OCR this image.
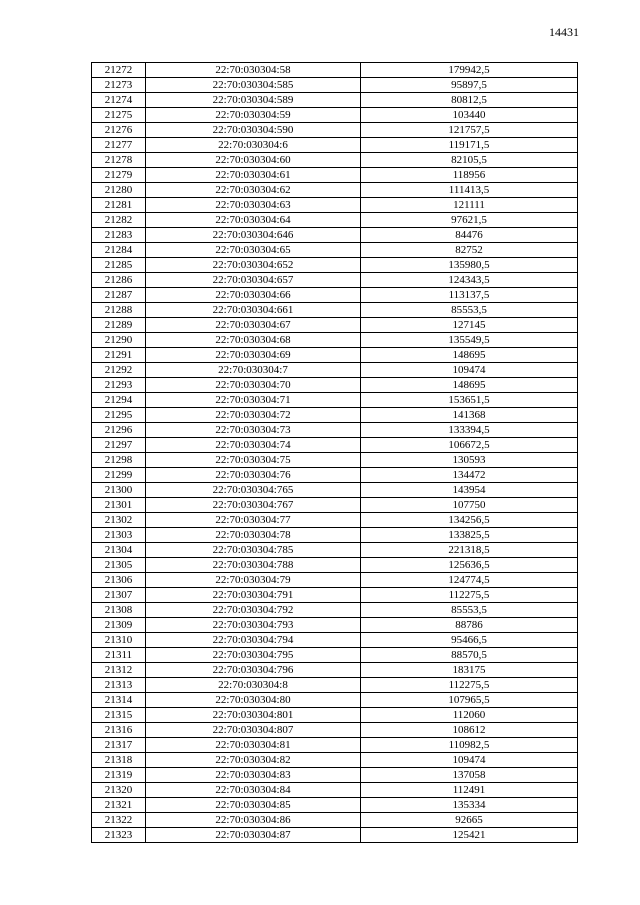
14431
21272	22:70:030304:58	179942,5
21273	22:70:030304:585	95897,5
21274	22:70:030304:589	80812,5
21275	22:70:030304:59	103440
21276	22:70:030304:590	121757,5
21277	22:70:030304:6	119171,5
21278	22:70:030304:60	82105,5
21279	22:70:030304:61	118956
21280	22:70:030304:62	111413,5
21281	22:70:030304:63	121111
21282	22:70:030304:64	97621,5
21283	22:70:030304:646	84476
21284	22:70:030304:65	82752
21285	22:70:030304:652	135980,5
21286	22:70:030304:657	124343,5
21287	22:70:030304:66	113137,5
21288	22:70:030304:661	85553,5
21289	22:70:030304:67	127145
21290	22:70:030304:68	135549,5
21291	22:70:030304:69	148695
21292	22:70:030304:7	109474
21293	22:70:030304:70	148695
21294	22:70:030304:71	153651,5
21295	22:70:030304:72	141368
21296	22:70:030304:73	133394,5
21297	22:70:030304:74	106672,5
21298	22:70:030304:75	130593
21299	22:70:030304:76	134472
21300	22:70:030304:765	143954
21301	22:70:030304:767	107750
21302	22:70:030304:77	134256,5
21303	22:70:030304:78	133825,5
21304	22:70:030304:785	221318,5
21305	22:70:030304:788	125636,5
21306	22:70:030304:79	124774,5
21307	22:70:030304:791	112275,5
21308	22:70:030304:792	85553,5
21309	22:70:030304:793	88786
21310	22:70:030304:794	95466,5
21311	22:70:030304:795	88570,5
21312	22:70:030304:796	183175
21313	22:70:030304:8	112275,5
21314	22:70:030304:80	107965,5
21315	22:70:030304:801	112060
21316	22:70:030304:807	108612
21317	22:70:030304:81	110982,5
21318	22:70:030304:82	109474
21319	22:70:030304:83	137058
21320	22:70:030304:84	112491
21321	22:70:030304:85	135334
21322	22:70:030304:86	92665
21323	22:70:030304:87	125421
